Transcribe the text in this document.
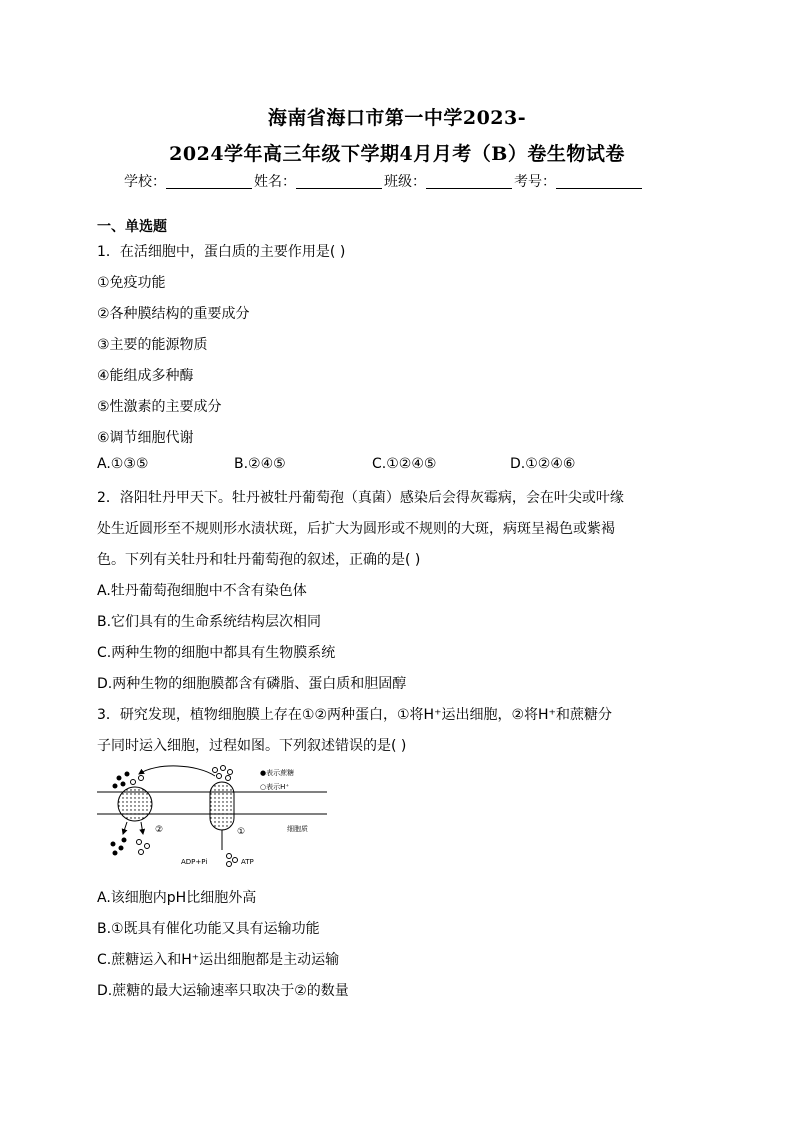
海南省海口市第一中学2023-
2024学年高三年级下学期4月月考（B）卷生物试卷
学校：	姓名：	班级：	考号：
一、单选题
1．在活细胞中，蛋白质的主要作用是( )
①免疫功能
②各种膜结构的重要成分
③主要的能源物质
④能组成多种酶
⑤性激素的主要成分
⑥调节细胞代谢
A.①③⑤	B.②④⑤	C.①②④⑤	D.①②④⑥
2．洛阳牡丹甲天下。牡丹被牡丹葡萄孢（真菌）感染后会得灰霉病，会在叶尖或叶缘
处生近圆形至不规则形水渍状斑，后扩大为圆形或不规则的大斑，病斑呈褐色或紫褐
色。下列有关牡丹和牡丹葡萄孢的叙述，正确的是( )
A.牡丹葡萄孢细胞中不含有染色体
B.它们具有的生命系统结构层次相同
C.两种生物的细胞中都具有生物膜系统
D.两种生物的细胞膜都含有磷脂、蛋白质和胆固醇
3．研究发现，植物细胞膜上存在①②两种蛋白，①将H⁺运出细胞，②将H⁺和蔗糖分
子同时运入细胞，过程如图。下列叙述错误的是( )
②	①
●表示蔗糖
○表示H⁺
细胞质
ADP+Pi	ATP
A.该细胞内pH比细胞外高
B.①既具有催化功能又具有运输功能
C.蔗糖运入和H⁺运出细胞都是主动运输
D.蔗糖的最大运输速率只取决于②的数量
